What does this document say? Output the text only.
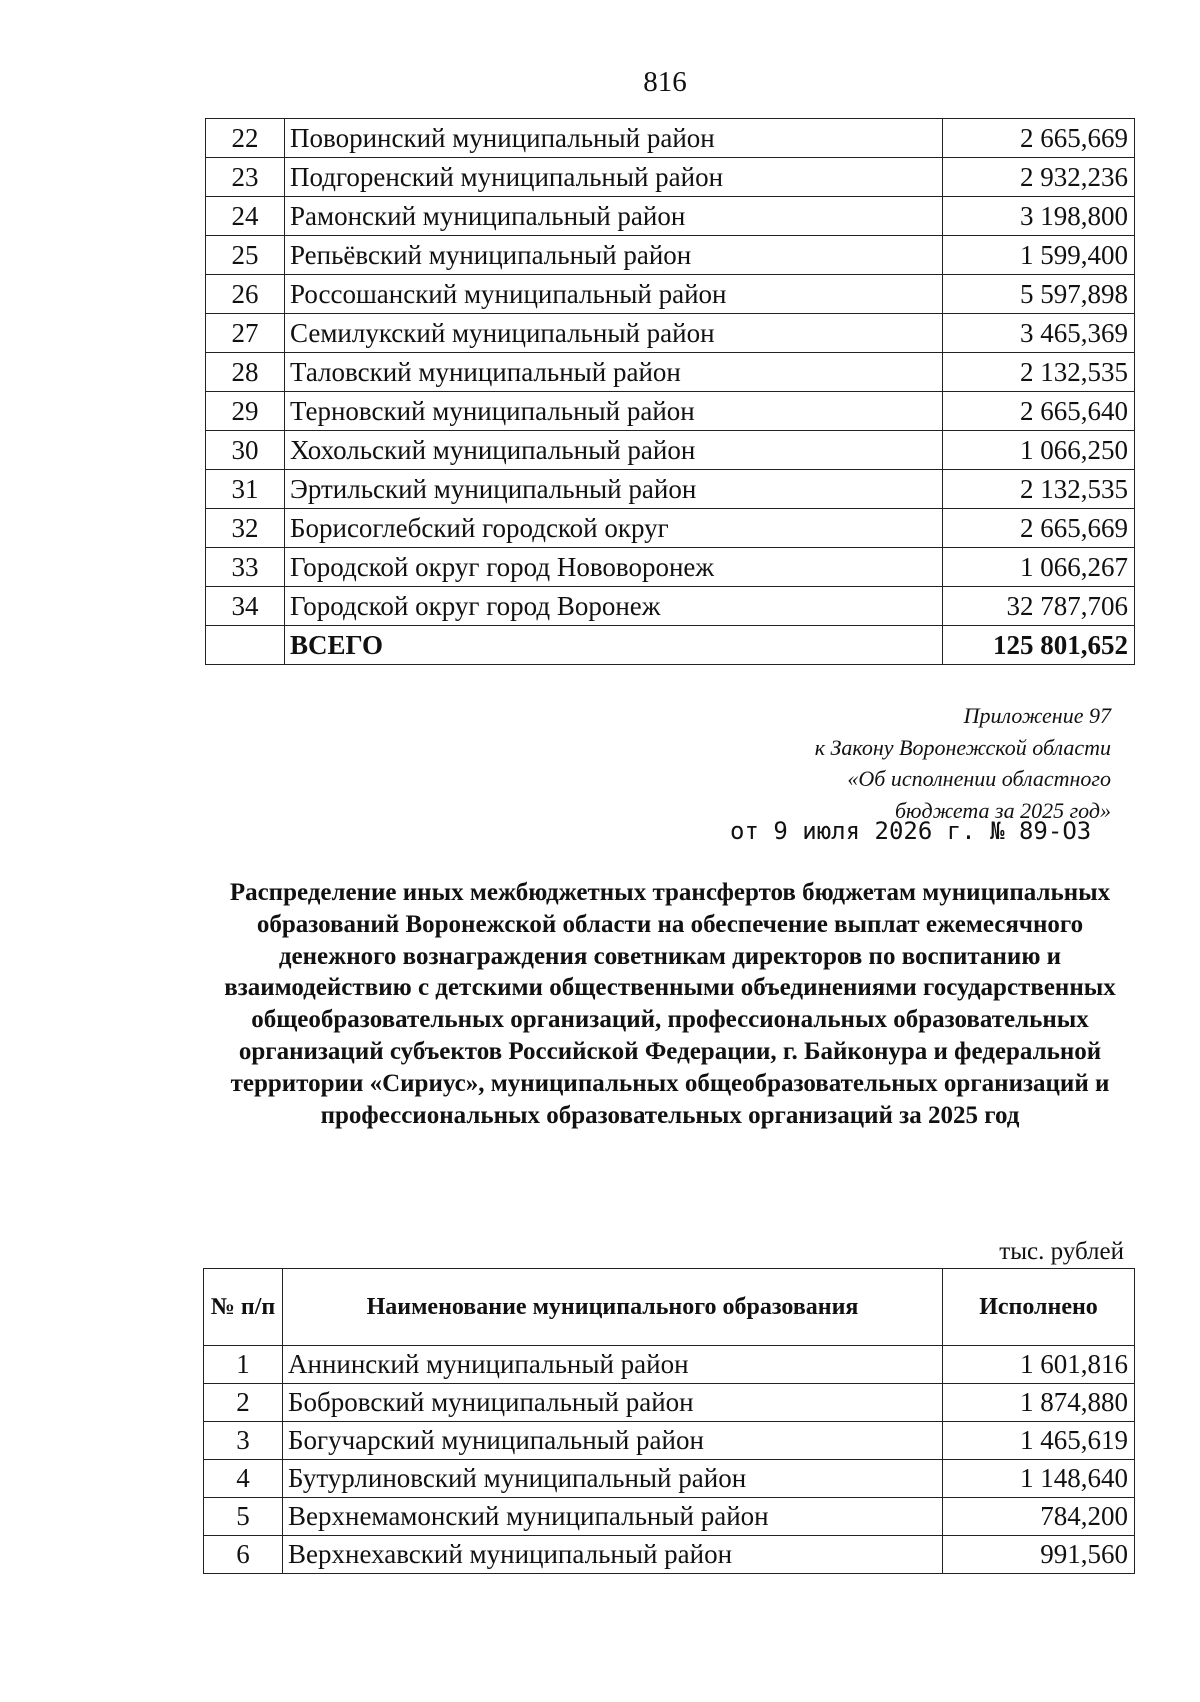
816
22	Поворинский муниципальный район	2 665,669
23	Подгоренский муниципальный район	2 932,236
24	Рамонский муниципальный район	3 198,800
25	Репьёвский муниципальный район	1 599,400
26	Россошанский муниципальный район	5 597,898
27	Семилукский муниципальный район	3 465,369
28	Таловский муниципальный район	2 132,535
29	Терновский муниципальный район	2 665,640
30	Хохольский муниципальный район	1 066,250
31	Эртильский муниципальный район	2 132,535
32	Борисоглебский городской округ	2 665,669
33	Городской округ город Нововоронеж	1 066,267
34	Городской округ город Воронеж	32 787,706
	ВСЕГО	125 801,652
Приложение 97
к Закону Воронежской области
«Об исполнении областного
бюджета за 2025 год»
от 9 июля 2026 г. № 89-ОЗ
Распределение иных межбюджетных трансфертов бюджетам муниципальных образований Воронежской области на обеспечение выплат ежемесячного денежного вознаграждения советникам директоров по воспитанию и взаимодействию с детскими общественными объединениями государственных общеобразовательных организаций, профессиональных образовательных организаций субъектов Российской Федерации, г. Байконура и федеральной территории «Сириус», муниципальных общеобразовательных организаций и профессиональных образовательных организаций за 2025 год
тыс. рублей
№ п/п	Наименование муниципального образования	Исполнено
1	Аннинский муниципальный район	1 601,816
2	Бобровский муниципальный район	1 874,880
3	Богучарский муниципальный район	1 465,619
4	Бутурлиновский муниципальный район	1 148,640
5	Верхнемамонский муниципальный район	784,200
6	Верхнехавский муниципальный район	991,560
